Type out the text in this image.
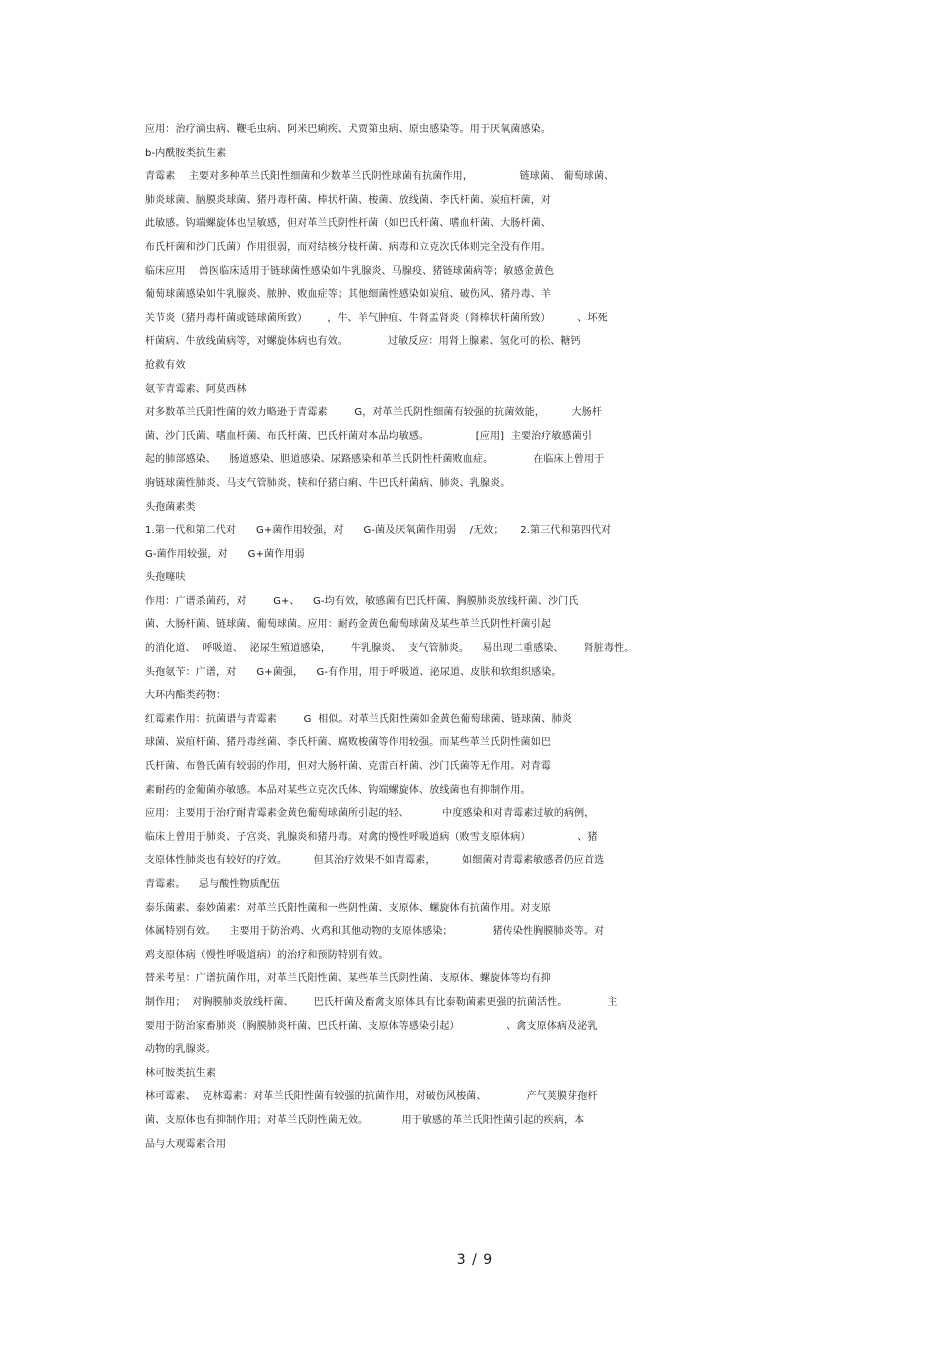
应用：治疗滴虫病、鞭毛虫病、阿米巴痢疾、犬贾第虫病、原虫感染等。用于厌氧菌感染。
b-内酰胺类抗生素
青霉素    主要对多种革兰氏阳性细菌和少数革兰氏阴性球菌有抗菌作用，              链球菌、 葡萄球菌、
肺炎球菌、脑膜炎球菌、猪丹毒杆菌、棒状杆菌、梭菌、放线菌、李氏杆菌、炭疽杆菌，对
此敏感。钩端螺旋体也呈敏感，但对革兰氏阴性杆菌（如巴氏杆菌、嗜血杆菌、大肠杆菌、
布氏杆菌和沙门氏菌）作用很弱，而对结核分枝杆菌、病毒和立克次氏体则完全没有作用。
临床应用    兽医临床适用于链球菌性感染如牛乳腺炎、马腺疫、猪链球菌病等；敏感金黄色
葡萄球菌感染如牛乳腺炎、脓肿、败血症等；其他细菌性感染如炭疽、破伤风、猪丹毒、羊
关节炎（猪丹毒杆菌或链球菌所致）      ，牛、羊气肿疽、牛肾盂肾炎（肾棒状杆菌所致）        、坏死
杆菌病、牛放线菌病等，对螺旋体病也有效。            过敏反应：用肾上腺素、氢化可的松、糖钙
抢救有效
氨苄青霉素、阿莫西林
对多数革兰氏阳性菌的效力略逊于青霉素        G，对革兰氏阴性细菌有较强的抗菌效能，        大肠杆
菌、沙门氏菌、嗜血杆菌、布氏杆菌、巴氏杆菌对本品均敏感。              [应用]  主要治疗敏感菌引
起的肺部感染、    肠道感染、胆道感染、尿路感染和革兰氏阴性杆菌败血症。            在临床上曾用于
驹链球菌性肺炎、马支气管肺炎、犊和仔猪白痢、牛巴氏杆菌病、肺炎、乳腺炎。
头孢菌素类
1.第一代和第二代对      G+菌作用较强，对      G-菌及厌氧菌作用弱    /无效；     2.第三代和第四代对
G-菌作用较强，对      G+菌作用弱
头孢噻呋
作用：广谱杀菌药，对        G+、    G-均有效，敏感菌有巴氏杆菌、胸膜肺炎放线杆菌、沙门氏
菌、大肠杆菌、链球菌、葡萄球菌。应用：耐药金黄色葡萄球菌及某些革兰氏阴性杆菌引起
的消化道、  呼吸道、  泌尿生殖道感染，      牛乳腺炎、  支气管肺炎。    易出现二重感染、      肾脏毒性。
头孢氨苄：广谱，对      G+菌强，    G-有作用，用于呼吸道、泌尿道、皮肤和软组织感染。
大环内酯类药物：
红霉素作用：抗菌谱与青霉素        G  相似。对革兰氏阳性菌如金黄色葡萄球菌、链球菌、肺炎
球菌、炭疽杆菌、猪丹毒丝菌、李氏杆菌、腐败梭菌等作用较强。而某些革兰氏阴性菌如巴
氏杆菌、布鲁氏菌有较弱的作用，但对大肠杆菌、克雷百杆菌、沙门氏菌等无作用。对青霉
素耐药的金葡菌亦敏感。本品对某些立克次氏体、钩端螺旋体、放线菌也有抑制作用。
应用：主要用于治疗耐青霉素金黄色葡萄球菌所引起的轻、          中度感染和对青霉素过敏的病例，
临床上曾用于肺炎、子宫炎、乳腺炎和猪丹毒。对禽的慢性呼吸道病（败雪支原体病）              、猪
支原体性肺炎也有较好的疗效。        但其治疗效果不如青霉素，        如细菌对青霉素敏感者仍应首选
青霉素。    忌与酸性物质配伍
泰乐菌素、泰妙菌素：对革兰氏阳性菌和一些阴性菌、支原体、螺旋体有抗菌作用。对支原
体属特别有效。    主要用于防治鸡、火鸡和其他动物的支原体感染；            猪传染性胸膜肺炎等。对
鸡支原体病（慢性呼吸道病）的治疗和预防特别有效。
替米考星：广谱抗菌作用，对革兰氏阳性菌、某些革兰氏阴性菌、支原体、螺旋体等均有抑
制作用；  对胸膜肺炎放线杆菌、      巴氏杆菌及畜禽支原体具有比泰勒菌素更强的抗菌活性。            主
要用于防治家畜肺炎（胸膜肺炎杆菌、巴氏杆菌、支原体等感染引起）              、禽支原体病及泌乳
动物的乳腺炎。
林可胺类抗生素
林可霉素、  克林霉素：对革兰氏阳性菌有较强的抗菌作用，对破伤风梭菌、            产气荚膜芽孢杆
菌、支原体也有抑制作用；对革兰氏阴性菌无效。          用于敏感的革兰氏阳性菌引起的疾病，本
品与大观霉素合用
3 / 9
